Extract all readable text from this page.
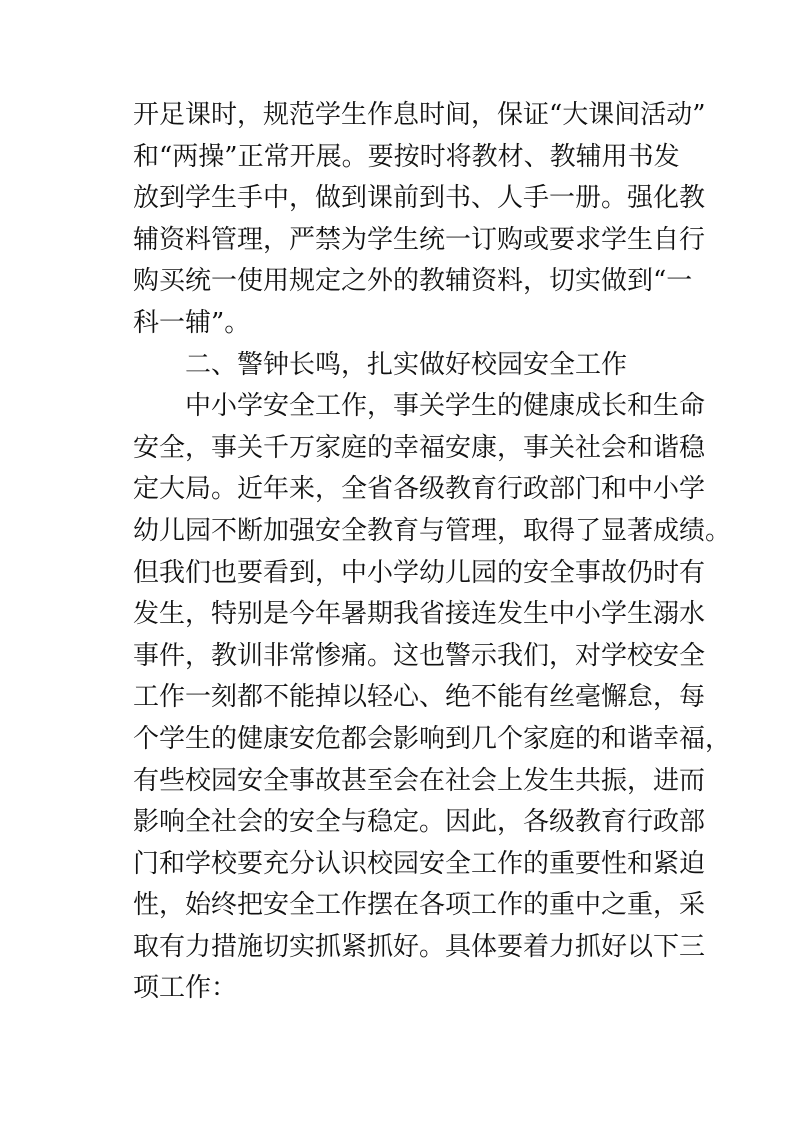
开足课时，规范学生作息时间，保证“大课间活动”
和“两操”正常开展。要按时将教材、教辅用书发
放到学生手中，做到课前到书、人手一册。强化教
辅资料管理，严禁为学生统一订购或要求学生自行
购买统一使用规定之外的教辅资料，切实做到“一
科一辅”。
二、警钟长鸣，扎实做好校园安全工作
中小学安全工作，事关学生的健康成长和生命
安全，事关千万家庭的幸福安康，事关社会和谐稳
定大局。近年来，全省各级教育行政部门和中小学
幼儿园不断加强安全教育与管理，取得了显著成绩。
但我们也要看到，中小学幼儿园的安全事故仍时有
发生，特别是今年暑期我省接连发生中小学生溺水
事件，教训非常惨痛。这也警示我们，对学校安全
工作一刻都不能掉以轻心、绝不能有丝毫懈怠，每
个学生的健康安危都会影响到几个家庭的和谐幸福，
有些校园安全事故甚至会在社会上发生共振，进而
影响全社会的安全与稳定。因此，各级教育行政部
门和学校要充分认识校园安全工作的重要性和紧迫
性，始终把安全工作摆在各项工作的重中之重，采
取有力措施切实抓紧抓好。具体要着力抓好以下三
项工作：
